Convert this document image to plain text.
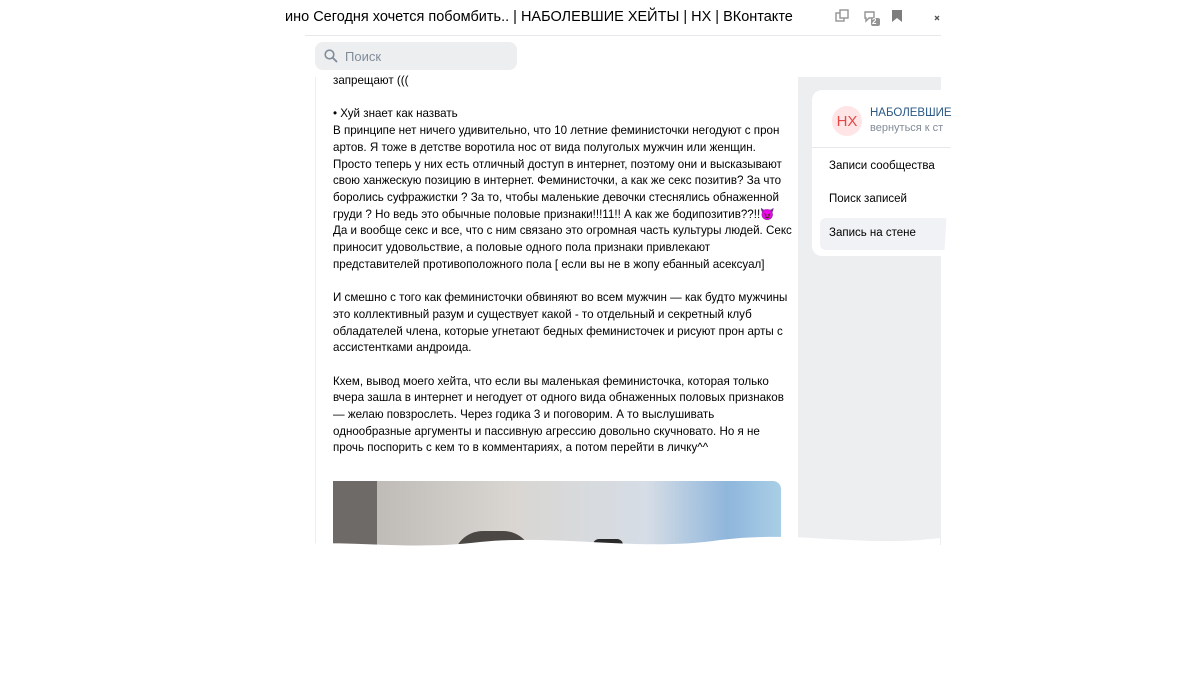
ино Сегодня хочется побомбить.. | НАБОЛЕВШИЕ ХЕЙТЫ | НХ | ВКонтакте	2
Поиск

запрещают (((

• Хуй знает как назвать
В принципе нет ничего удивительно, что 10 летние феминисточки негодуют с прон артов. Я тоже в детстве воротила нос от вида полуголых мужчин или женщин. Просто теперь у них есть отличный доступ в интернет, поэтому они и высказывают свою ханжескую позицию в интернет. Феминисточки, а как же секс позитив? За что боролись суфражистки ? За то, чтобы маленькие девочки стеснялись обнаженной груди ? Но ведь это обычные половые признаки!!!11!! А как же бодипозитив??!!😈
Да и вообще секс и все, что с ним связано это огромная часть культуры людей. Секс приносит удовольствие, а половые одного пола признаки привлекают представителей противоположного пола [ если вы не в жопу ебанный асексуал]

И смешно с того как феминисточки обвиняют во всем мужчин — как будто мужчины это коллективный разум и существует какой - то отдельный и секретный клуб обладателей члена, которые угнетают бедных феминисточек и рисуют прон арты с ассистентками андроида.

Кхем, вывод моего хейта, что если вы маленькая феминисточка, которая только вчера зашла в интернет и негодует от одного вида обнаженных половых признаков — желаю повзрослеть. Через годика 3 и поговорим. А то выслушивать однообразные аргументы и пассивную агрессию довольно скучновато. Но я не прочь поспорить с кем то в комментариях, а потом перейти в личку^^

НХ	НАБОЛЕВШИЕ
вернуться к ст
Записи сообщества
Поиск записей
Запись на стене
